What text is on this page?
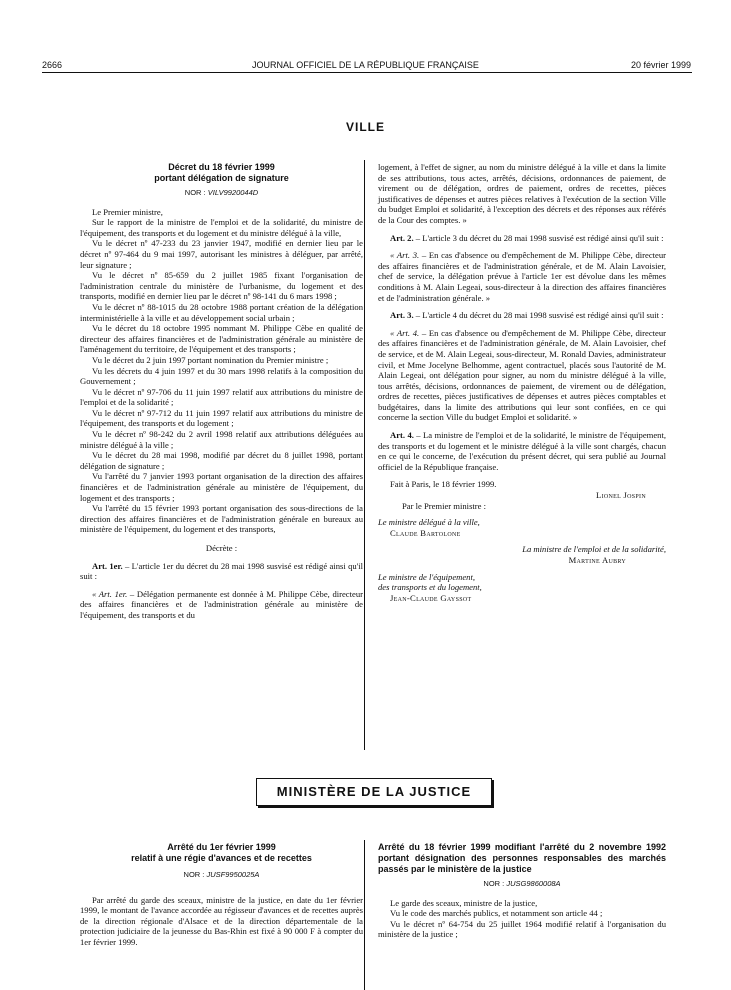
2666	JOURNAL OFFICIEL DE LA RÉPUBLIQUE FRANÇAISE	20 février 1999
VILLE
Décret du 18 février 1999
portant délégation de signature
NOR : VILV9920044D

Le Premier ministre,

Sur le rapport de la ministre de l'emploi et de la solidarité, du ministre de l'équipement, des transports et du logement et du ministre délégué à la ville,

Vu le décret nº 47-233 du 23 janvier 1947, modifié en dernier lieu par le décret nº 97-464 du 9 mai 1997, autorisant les ministres à déléguer, par arrêté, leur signature ;

Vu le décret nº 85-659 du 2 juillet 1985 fixant l'organisation de l'administration centrale du ministère de l'urbanisme, du logement et des transports, modifié en dernier lieu par le décret nº 98-141 du 6 mars 1998 ;

Vu le décret nº 88-1015 du 28 octobre 1988 portant création de la délégation interministérielle à la ville et au développement social urbain ;

Vu le décret du 18 octobre 1995 nommant M. Philippe Cèbe en qualité de directeur des affaires financières et de l'administration générale au ministère de l'aménagement du territoire, de l'équipement et des transports ;

Vu le décret du 2 juin 1997 portant nomination du Premier ministre ;

Vu les décrets du 4 juin 1997 et du 30 mars 1998 relatifs à la composition du Gouvernement ;

Vu le décret nº 97-706 du 11 juin 1997 relatif aux attributions du ministre de l'emploi et de la solidarité ;

Vu le décret nº 97-712 du 11 juin 1997 relatif aux attributions du ministre de l'équipement, des transports et du logement ;

Vu le décret nº 98-242 du 2 avril 1998 relatif aux attributions déléguées au ministre délégué à la ville ;

Vu le décret du 28 mai 1998, modifié par décret du 8 juillet 1998, portant délégation de signature ;

Vu l'arrêté du 7 janvier 1993 portant organisation de la direction des affaires financières et de l'administration générale au ministère de l'équipement, du logement et des transports ;

Vu l'arrêté du 15 février 1993 portant organisation des sous-directions de la direction des affaires financières et de l'administration générale en bureaux au ministère de l'équipement, du logement et des transports,

Décrète :

Art. 1er. – L'article 1er du décret du 28 mai 1998 susvisé est rédigé ainsi qu'il suit :

« Art. 1er. – Délégation permanente est donnée à M. Philippe Cèbe, directeur des affaires financières et de l'administration générale au ministère de l'équipement, des transports et du

logement, à l'effet de signer, au nom du ministre délégué à la ville et dans la limite de ses attributions, tous actes, arrêtés, décisions, ordonnances de paiement, de virement ou de délégation, ordres de paiement, ordres de recettes, pièces justificatives de dépenses et autres pièces relatives à l'exécution de la section Ville du budget Emploi et solidarité, à l'exception des décrets et des réponses aux référés de la Cour des comptes. »

Art. 2. – L'article 3 du décret du 28 mai 1998 susvisé est rédigé ainsi qu'il suit :

« Art. 3. – En cas d'absence ou d'empêchement de M. Philippe Cèbe, directeur des affaires financières et de l'administration générale, et de M. Alain Lavoisier, chef de service, la délégation prévue à l'article 1er est dévolue dans les mêmes conditions à M. Alain Legeai, sous-directeur à la direction des affaires financières et de l'administration générale. »

Art. 3. – L'article 4 du décret du 28 mai 1998 susvisé est rédigé ainsi qu'il suit :

« Art. 4. – En cas d'absence ou d'empêchement de M. Philippe Cèbe, directeur des affaires financières et de l'administration générale, de M. Alain Lavoisier, chef de service, et de M. Alain Legeai, sous-directeur, M. Ronald Davies, administrateur civil, et Mme Jocelyne Belhomme, agent contractuel, placés sous l'autorité de M. Alain Legeai, ont délégation pour signer, au nom du ministre délégué à la ville, tous arrêtés, décisions, ordonnances de paiement, de virement ou de délégation, ordres de recettes, pièces justificatives de dépenses et autres pièces comptables et budgétaires, dans la limite des attributions qui leur sont confiées, en ce qui concerne la section Ville du budget Emploi et solidarité. »

Art. 4. – La ministre de l'emploi et de la solidarité, le ministre de l'équipement, des transports et du logement et le ministre délégué à la ville sont chargés, chacun en ce qui le concerne, de l'exécution du présent décret, qui sera publié au Journal officiel de la République française.

Fait à Paris, le 18 février 1999.

Lionel Jospin

Par le Premier ministre :

Le ministre délégué à la ville,

Claude Bartolone

La ministre de l'emploi et de la solidarité,

Martine Aubry

Le ministre de l'équipement,

des transports et du logement,

Jean-Claude Gayssot

MINISTÈRE DE LA JUSTICE
Arrêté du 1er février 1999
relatif à une régie d'avances et de recettes
NOR : JUSF9950025A

Par arrêté du garde des sceaux, ministre de la justice, en date du 1er février 1999, le montant de l'avance accordée au régisseur d'avances et de recettes auprès de la direction régionale d'Alsace et de la direction départementale de la protection judiciaire de la jeunesse du Bas-Rhin est fixé à 90 000 F à compter du 1er février 1999.

Arrêté du 18 février 1999 modifiant l'arrêté du 2 novembre 1992 portant désignation des personnes responsables des marchés passés par le ministère de la justice
NOR : JUSG9860008A

Le garde des sceaux, ministre de la justice,

Vu le code des marchés publics, et notamment son article 44 ;

Vu le décret nº 64-754 du 25 juillet 1964 modifié relatif à l'organisation du ministère de la justice ;
